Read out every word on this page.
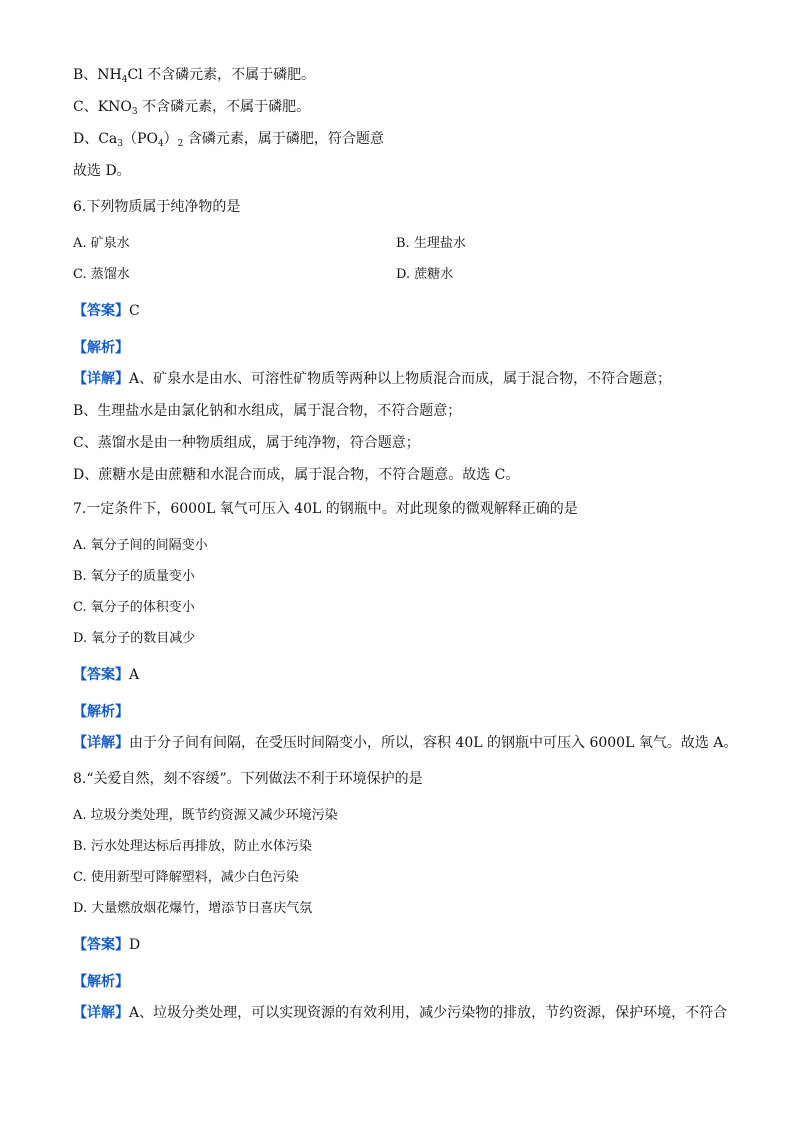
B、$NH_4Cl$ 不含磷元素，不属于磷肥。
C、$KNO_3$ 不含磷元素，不属于磷肥。
D、$Ca_3(PO_4)_2$ 含磷元素，属于磷肥，符合题意
故选 D。
6.下列物质属于纯净物的是
A. 矿泉水	B. 生理盐水
C. 蒸馏水	D. 蔗糖水
【答案】C
【解析】
【详解】A、矿泉水是由水、可溶性矿物质等两种以上物质混合而成，属于混合物，不符合题意；
B、生理盐水是由氯化钠和水组成，属于混合物，不符合题意；
C、蒸馏水是由一种物质组成，属于纯净物，符合题意；
D、蔗糖水是由蔗糖和水混合而成，属于混合物，不符合题意。故选 C。
7.一定条件下，6000L 氧气可压入 40L 的钢瓶中。对此现象的微观解释正确的是
A. 氧分子间的间隔变小
B. 氧分子的质量变小
C. 氧分子的体积变小
D. 氧分子的数目减少
【答案】A
【解析】
【详解】由于分子间有间隔，在受压时间隔变小，所以，容积 40L 的钢瓶中可压入 6000L 氧气。故选 A。
8.“关爱自然，刻不容缓”。下列做法不利于环境保护的是
A. 垃圾分类处理，既节约资源又减少环境污染
B. 污水处理达标后再排放，防止水体污染
C. 使用新型可降解塑料，减少白色污染
D. 大量燃放烟花爆竹，增添节日喜庆气氛
【答案】D
【解析】
【详解】A、垃圾分类处理，可以实现资源的有效利用，减少污染物的排放，节约资源，保护环境，不符合
